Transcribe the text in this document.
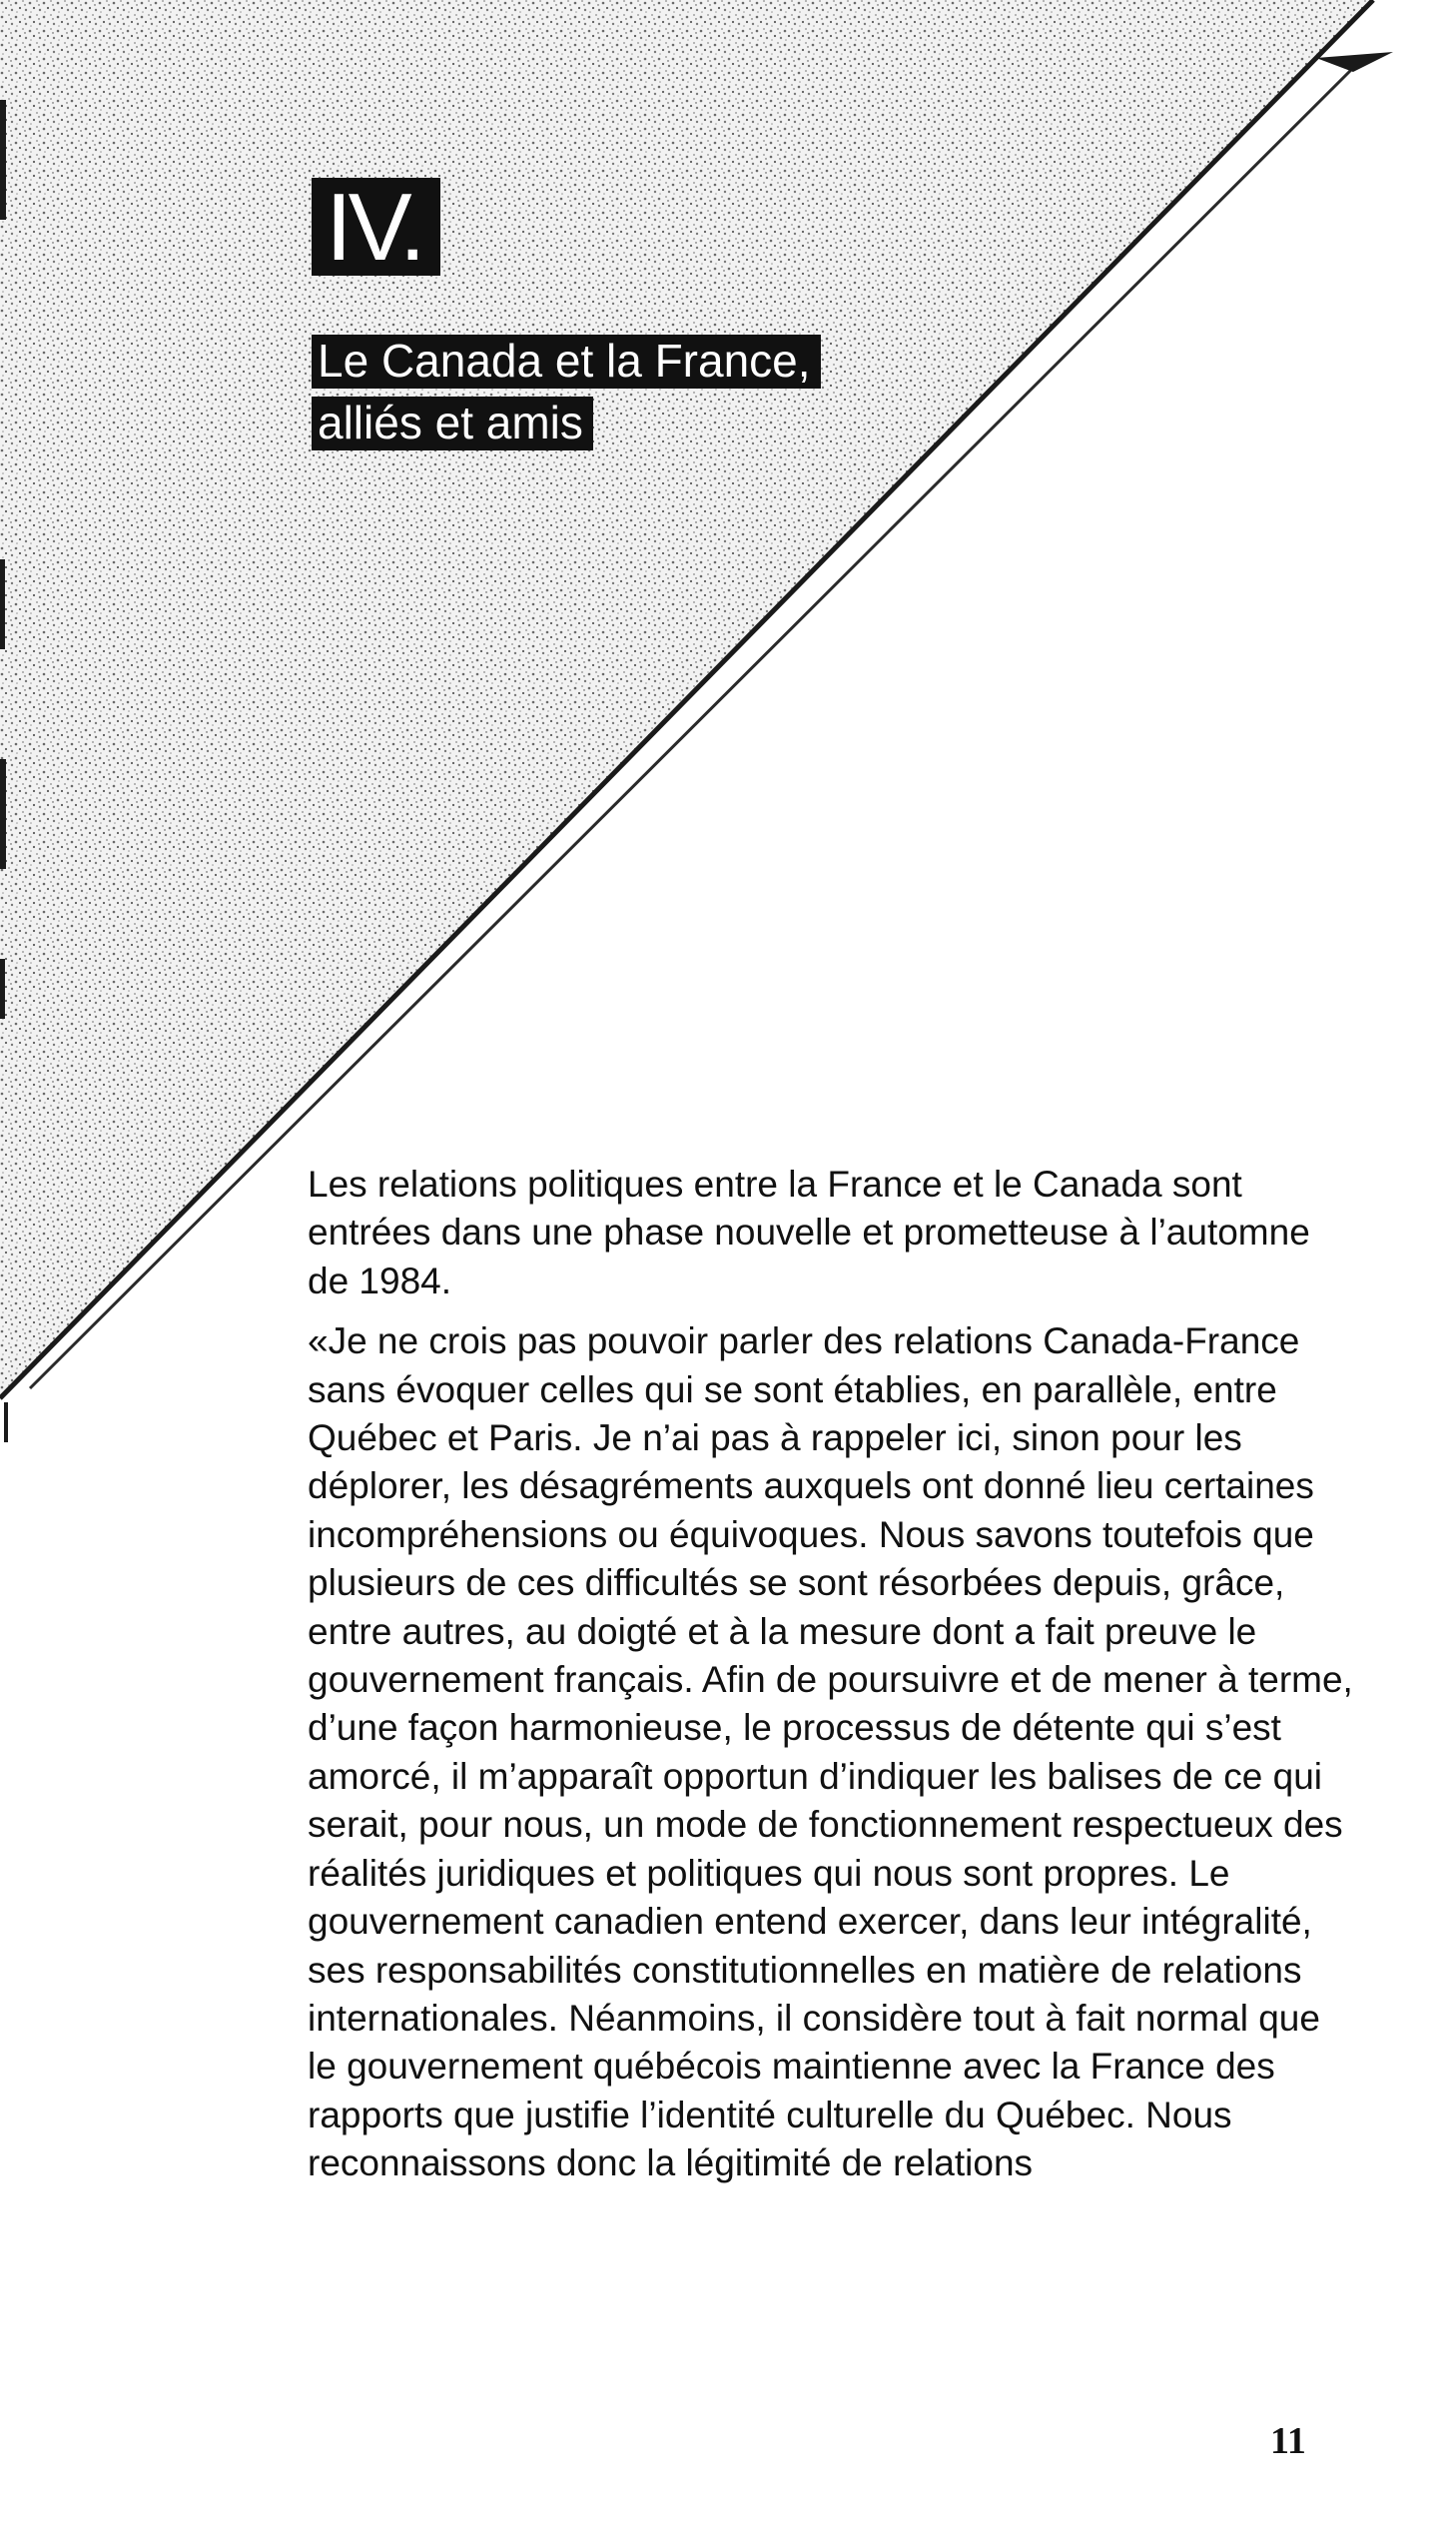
IV.
Le Canada et la France,
alliés et amis

Les relations politiques entre la France et le Canada sont entrées dans une phase nouvelle et prometteuse à l’automne de 1984.

«Je ne crois pas pouvoir parler des relations Canada-France sans évoquer celles qui se sont établies, en parallèle, entre Québec et Paris. Je n’ai pas à rappeler ici, sinon pour les déplorer, les désagréments auxquels ont donné lieu certaines incompréhensions ou équivoques. Nous savons toutefois que plusieurs de ces difficultés se sont résorbées depuis, grâce, entre autres, au doigté et à la mesure dont a fait preuve le gouvernement français. Afin de poursuivre et de mener à terme, d’une façon harmonieuse, le processus de détente qui s’est amorcé, il m’apparaît opportun d’indiquer les balises de ce qui serait, pour nous, un mode de fonctionnement respectueux des réalités juridiques et politiques qui nous sont propres. Le gouvernement canadien entend exercer, dans leur intégralité, ses responsabilités constitutionnelles en matière de relations internationales. Néanmoins, il considère tout à fait normal que le gouvernement québécois maintienne avec la France des rapports que justifie l’identité culturelle du Québec. Nous reconnaissons donc la légitimité de relations

11
